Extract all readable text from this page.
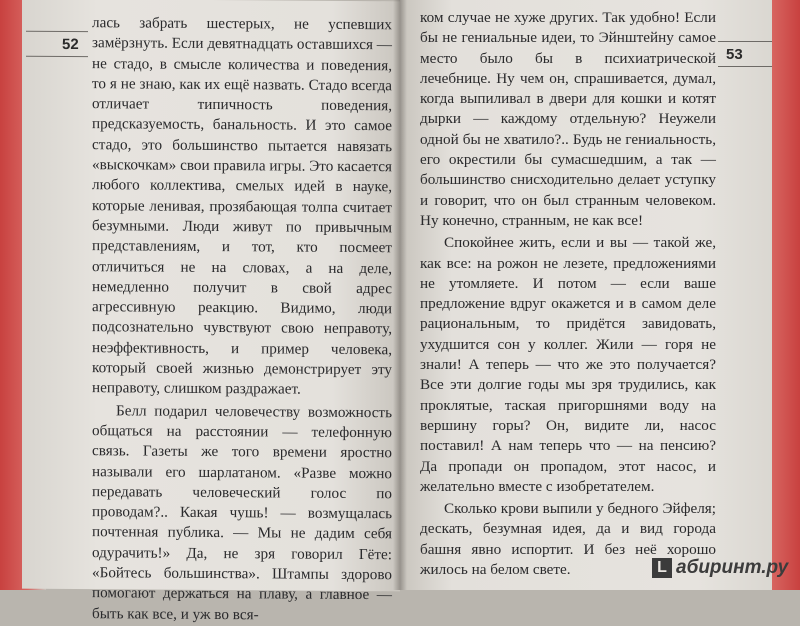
52

лась забрать шестерых, не успевших замёрзнуть. Если девятнадцать оставшихся — не стадо, в смысле количества и поведения, то я не знаю, как их ещё назвать. Стадо всегда отличает типичность поведения, предсказуемость, банальность. И это самое стадо, это большинство пытается навязать «выскочкам» свои правила игры. Это касается любого коллектива, смелых идей в науке, которые ленивая, прозябающая толпа считает безумными. Люди живут по привычным представлениям, и тот, кто посмеет отличиться не на словах, а на деле, немедленно получит в свой адрес агрессивную реакцию. Видимо, люди подсознательно чувствуют свою неправоту, неэффективность, и пример человека, который своей жизнью демонстрирует эту неправоту, слишком раздражает.

Белл подарил человечеству возможность общаться на расстоянии — телефонную связь. Газеты же того времени яростно называли его шарлатаном. «Разве можно передавать человеческий голос по проводам?.. Какая чушь! — возмущалась почтенная публика. — Мы не дадим себя одурачить!» Да, не зря говорил Гёте: «Бойтесь большинства». Штампы здорово помогают держаться на плаву, а главное — быть как все, и уж во вся-

53

ком случае не хуже других. Так удобно! Если бы не гениальные идеи, то Эйнштейну самое место было бы в психиатрической лечебнице. Ну чем он, спрашивается, думал, когда выпиливал в двери для кошки и котят дырки — каждому отдельную? Неужели одной бы не хватило?.. Будь не гениальность, его окрестили бы сумасшедшим, а так — большинство снисходительно делает уступку и говорит, что он был странным человеком. Ну конечно, странным, не как все!

Спокойнее жить, если и вы — такой же, как все: на рожон не лезете, предложениями не утомляете. И потом — если ваше предложение вдруг окажется и в самом деле рациональным, то придётся завидовать, ухудшится сон у коллег. Жили — горя не знали! А теперь — что же это получается? Все эти долгие годы мы зря трудились, как проклятые, таская пригоршнями воду на вершину горы? Он, видите ли, насос поставил! А нам теперь что — на пенсию? Да пропади он пропадом, этот насос, и желательно вместе с изобретателем.

Сколько крови выпили у бедного Эйфеля; дескать, безумная идея, да и вид города башня явно испортит. И без неё хорошо жилось на белом свете.	L абиринт.ру
